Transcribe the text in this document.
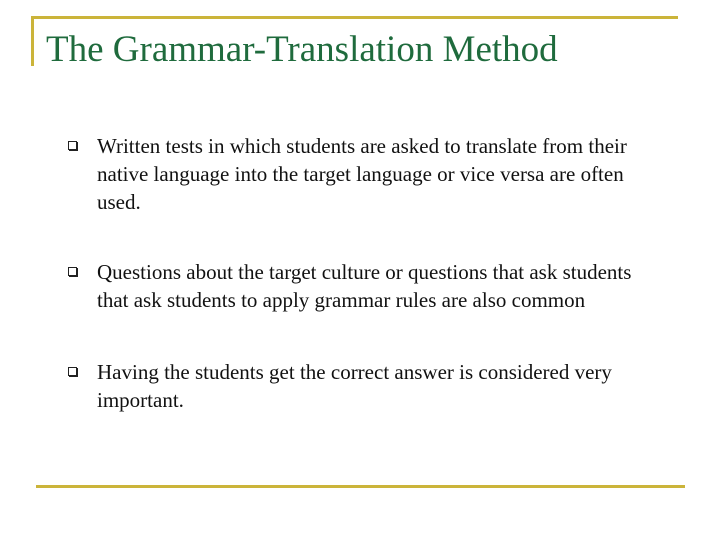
The Grammar-Translation Method
Written tests in which students are asked to translate from their native language into the target language or vice versa are often used.
Questions about the target culture or questions that ask students that ask students to apply grammar rules are also common
Having the students get the correct answer is considered very important.
